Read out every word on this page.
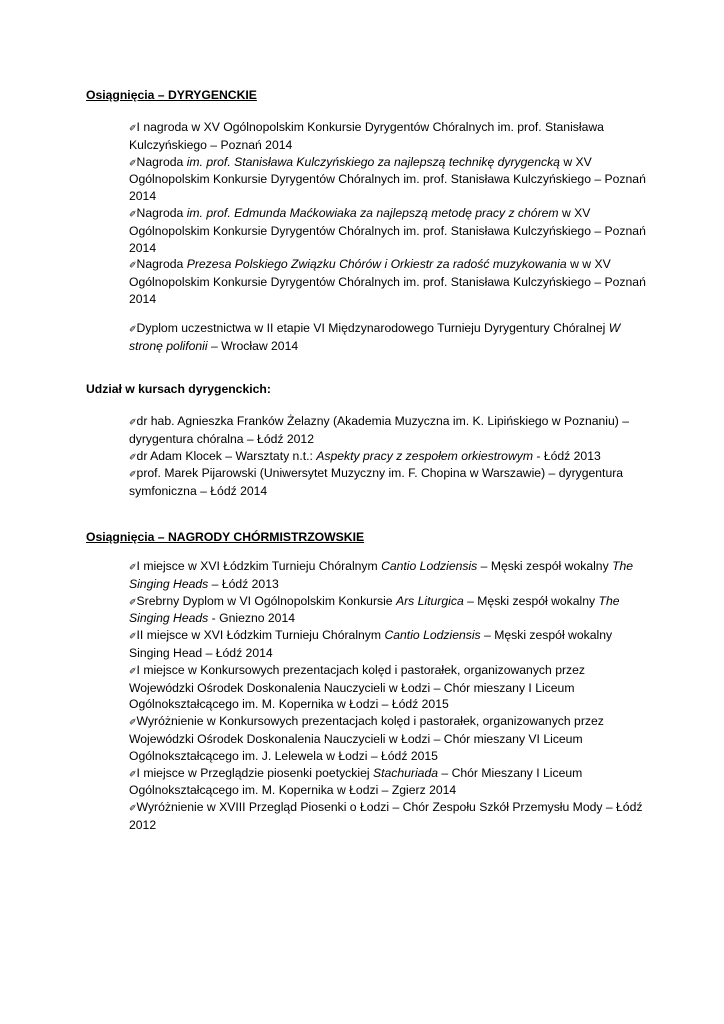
Osiągnięcia – DYRYGENCKIE

✐I nagroda w XV Ogólnopolskim Konkursie Dyrygentów Chóralnych im. prof. Stanisława Kulczyńskiego – Poznań 2014
✐Nagroda im. prof. Stanisława Kulczyńskiego za najlepszą technikę dyrygencką w XV Ogólnopolskim Konkursie Dyrygentów Chóralnych im. prof. Stanisława Kulczyńskiego – Poznań 2014
✐Nagroda im. prof. Edmunda Maćkowiaka za najlepszą metodę pracy z chórem w XV Ogólnopolskim Konkursie Dyrygentów Chóralnych im. prof. Stanisława Kulczyńskiego – Poznań 2014
✐Nagroda Prezesa Polskiego Związku Chórów i Orkiestr za radość muzykowania w w XV Ogólnopolskim Konkursie Dyrygentów Chóralnych im. prof. Stanisława Kulczyńskiego – Poznań 2014
✐Dyplom uczestnictwa w II etapie VI Międzynarodowego Turnieju Dyrygentury Chóralnej W stronę polifonii – Wrocław 2014

Udział w kursach dyrygenckich:

✐dr hab. Agnieszka Franków Żelazny (Akademia Muzyczna im. K. Lipińskiego w Poznaniu) – dyrygentura chóralna – Łódź 2012
✐dr Adam Klocek – Warsztaty n.t.: Aspekty pracy z zespołem orkiestrowym - Łódź 2013
✐prof. Marek Pijarowski (Uniwersytet Muzyczny im. F. Chopina w Warszawie) – dyrygentura symfoniczna – Łódź 2014

Osiągnięcia – NAGRODY CHÓRMISTRZOWSKIE

✐I miejsce w XVI Łódzkim Turnieju Chóralnym Cantio Lodziensis – Męski zespół wokalny The Singing Heads – Łódź 2013
✐Srebrny Dyplom w VI Ogólnopolskim Konkursie Ars Liturgica – Męski zespół wokalny The Singing Heads - Gniezno 2014
✐II miejsce w XVI Łódzkim Turnieju Chóralnym Cantio Lodziensis – Męski zespół wokalny Singing Head – Łódź 2014
✐I miejsce w Konkursowych prezentacjach kolęd i pastorałek, organizowanych przez Wojewódzki Ośrodek Doskonalenia Nauczycieli w Łodzi – Chór mieszany I Liceum Ogólnokształcącego im. M. Kopernika w Łodzi – Łódź 2015
✐Wyróżnienie w Konkursowych prezentacjach kolęd i pastorałek, organizowanych przez Wojewódzki Ośrodek Doskonalenia Nauczycieli w Łodzi – Chór mieszany VI Liceum Ogólnokształcącego im. J. Lelewela w Łodzi – Łódź 2015
✐I miejsce w Przeglądzie piosenki poetyckiej Stachuriada – Chór Mieszany I Liceum Ogólnokształcącego im. M. Kopernika w Łodzi – Zgierz 2014
✐Wyróżnienie w XVIII Przegląd Piosenki o Łodzi – Chór Zespołu Szkół Przemysłu Mody – Łódź 2012
